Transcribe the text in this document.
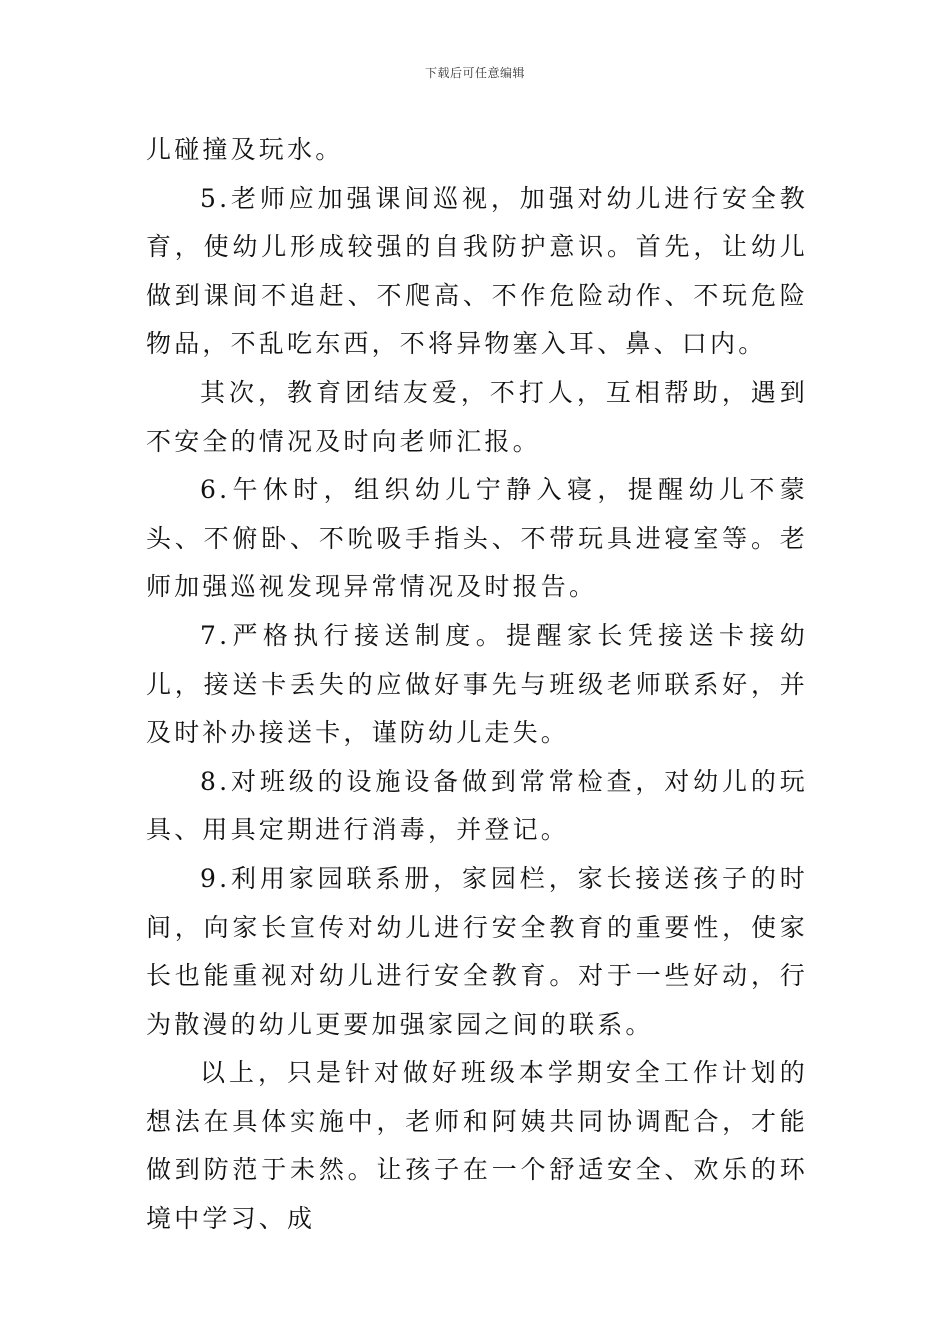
下载后可任意编辑

儿碰撞及玩水。

5.老师应加强课间巡视，加强对幼儿进行安全教育，使幼儿形成较强的自我防护意识。首先，让幼儿做到课间不追赶、不爬高、不作危险动作、不玩危险物品，不乱吃东西，不将异物塞入耳、鼻、口内。

其次，教育团结友爱，不打人，互相帮助，遇到不安全的情况及时向老师汇报。

6.午休时，组织幼儿宁静入寝，提醒幼儿不蒙头、不俯卧、不吮吸手指头、不带玩具进寝室等。老师加强巡视发现异常情况及时报告。

7.严格执行接送制度。提醒家长凭接送卡接幼儿，接送卡丢失的应做好事先与班级老师联系好，并及时补办接送卡，谨防幼儿走失。

8.对班级的设施设备做到常常检查，对幼儿的玩具、用具定期进行消毒，并登记。

9.利用家园联系册，家园栏，家长接送孩子的时间，向家长宣传对幼儿进行安全教育的重要性，使家长也能重视对幼儿进行安全教育。对于一些好动，行为散漫的幼儿更要加强家园之间的联系。

以上，只是针对做好班级本学期安全工作计划的想法在具体实施中，老师和阿姨共同协调配合，才能做到防范于未然。让孩子在一个舒适安全、欢乐的环境中学习、成
